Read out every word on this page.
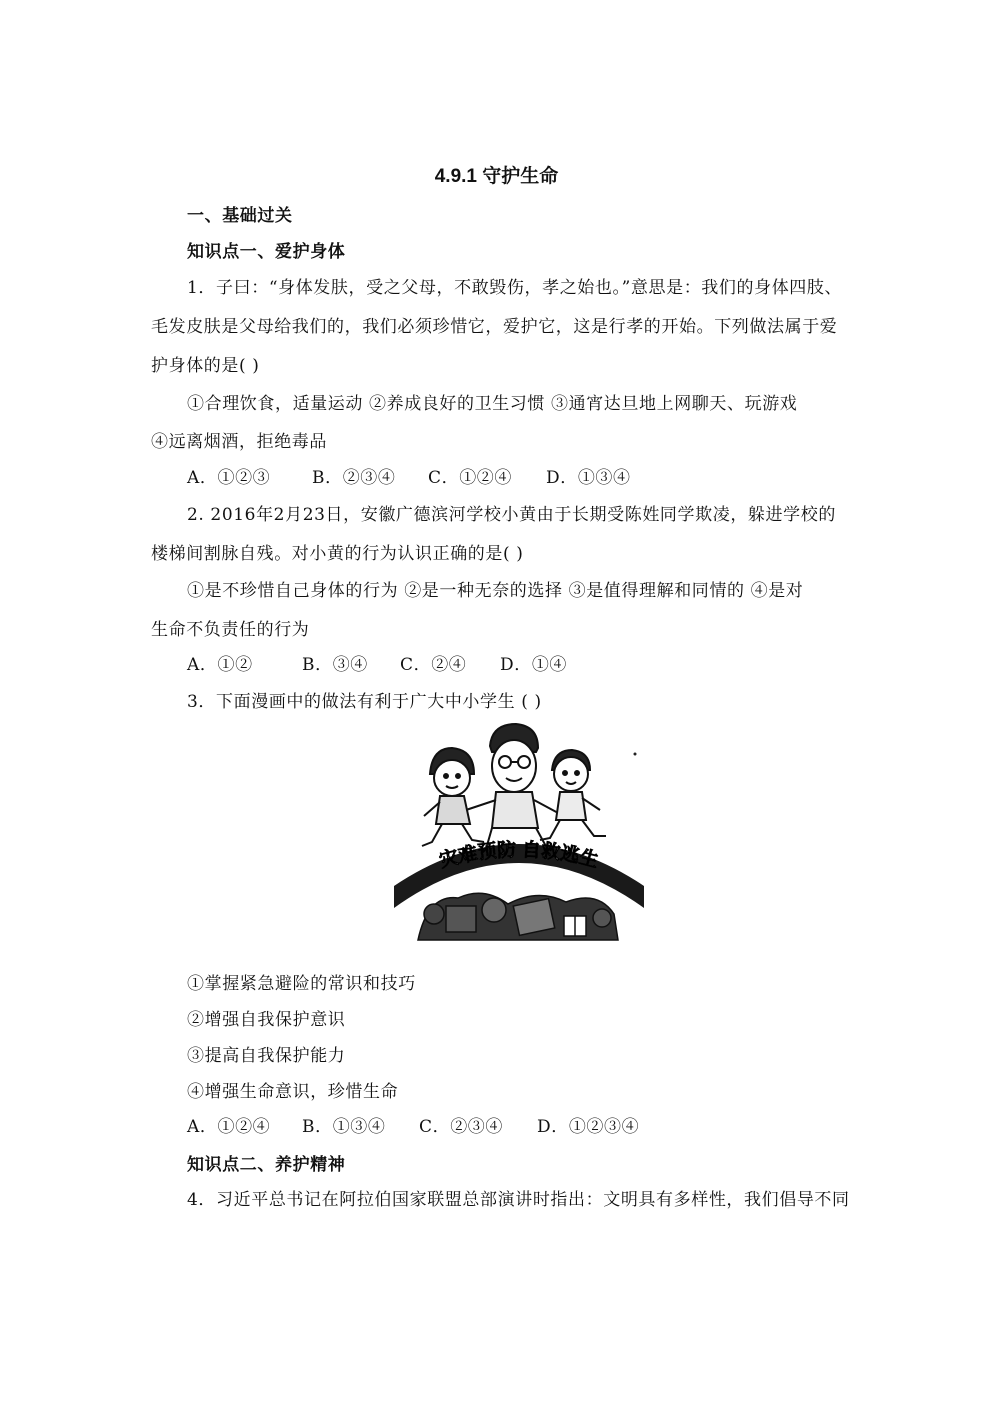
4.9.1 守护生命
一、基础过关
知识点一、爱护身体
1．子曰：“身体发肤，受之父母，不敢毁伤，孝之始也。”意思是：我们的身体四肢、
毛发皮肤是父母给我们的，我们必须珍惜它，爱护它，这是行孝的开始。下列做法属于爱
护身体的是( )
①合理饮食，适量运动 ②养成良好的卫生习惯 ③通宵达旦地上网聊天、玩游戏
④远离烟酒，拒绝毒品
A．①②③ B．②③④ C．①②④ D．①③④
2. 2016年2月23日，安徽广德滨河学校小黄由于长期受陈姓同学欺凌，躲进学校的
楼梯间割脉自残。对小黄的行为认识正确的是( )
①是不珍惜自己身体的行为 ②是一种无奈的选择 ③是值得理解和同情的 ④是对
生命不负责任的行为
A．①②	B．③④ C．②④ D．①④
3．下面漫画中的做法有利于广大中小学生 ( )
灾难预防 自救逃生
①掌握紧急避险的常识和技巧
②增强自我保护意识
③提高自我保护能力
④增强生命意识，珍惜生命
A．①②④ B．①③④ C．②③④ D．①②③④
知识点二、养护精神
4．习近平总书记在阿拉伯国家联盟总部演讲时指出：文明具有多样性，我们倡导不同
